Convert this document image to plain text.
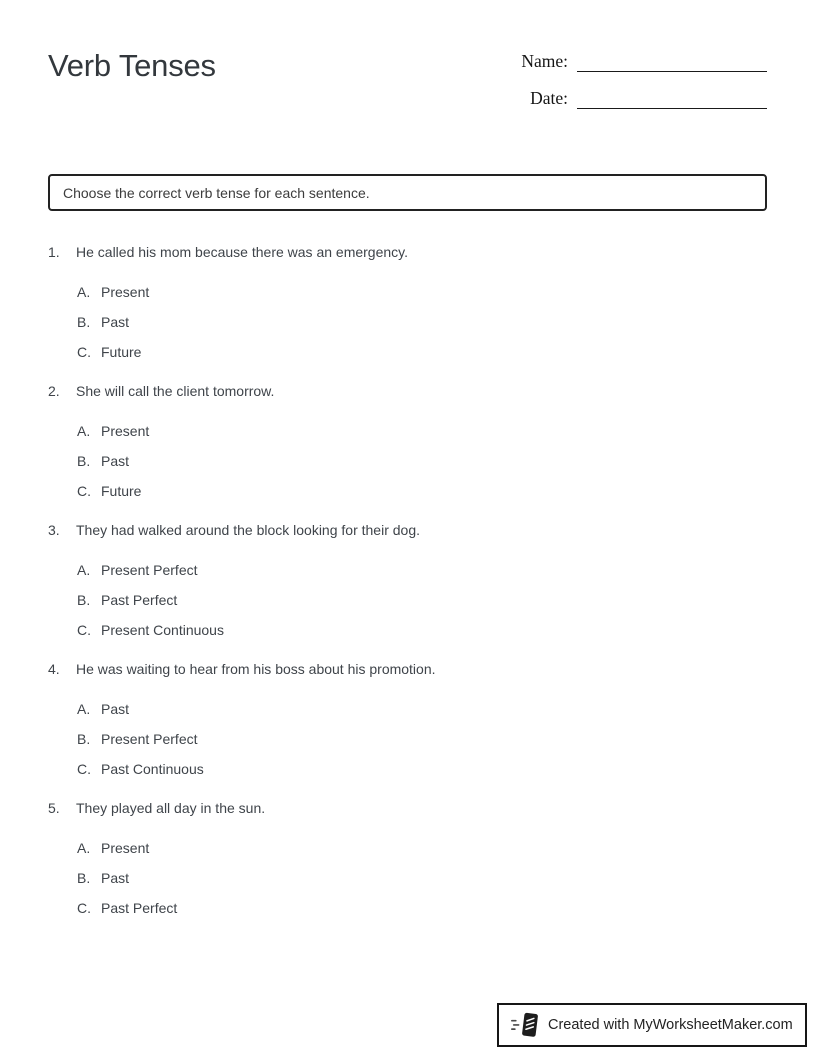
Verb Tenses	Name:
Date:
Choose the correct verb tense for each sentence.
1.	He called his mom because there was an emergency.
A. Present
B. Past
C. Future
2.	She will call the client tomorrow.
A. Present
B. Past
C. Future
3.	They had walked around the block looking for their dog.
A. Present Perfect
B. Past Perfect
C. Present Continuous
4.	He was waiting to hear from his boss about his promotion.
A. Past
B. Present Perfect
C. Past Continuous
5.	They played all day in the sun.
A. Present
B. Past
C. Past Perfect
Created with MyWorksheetMaker.com
